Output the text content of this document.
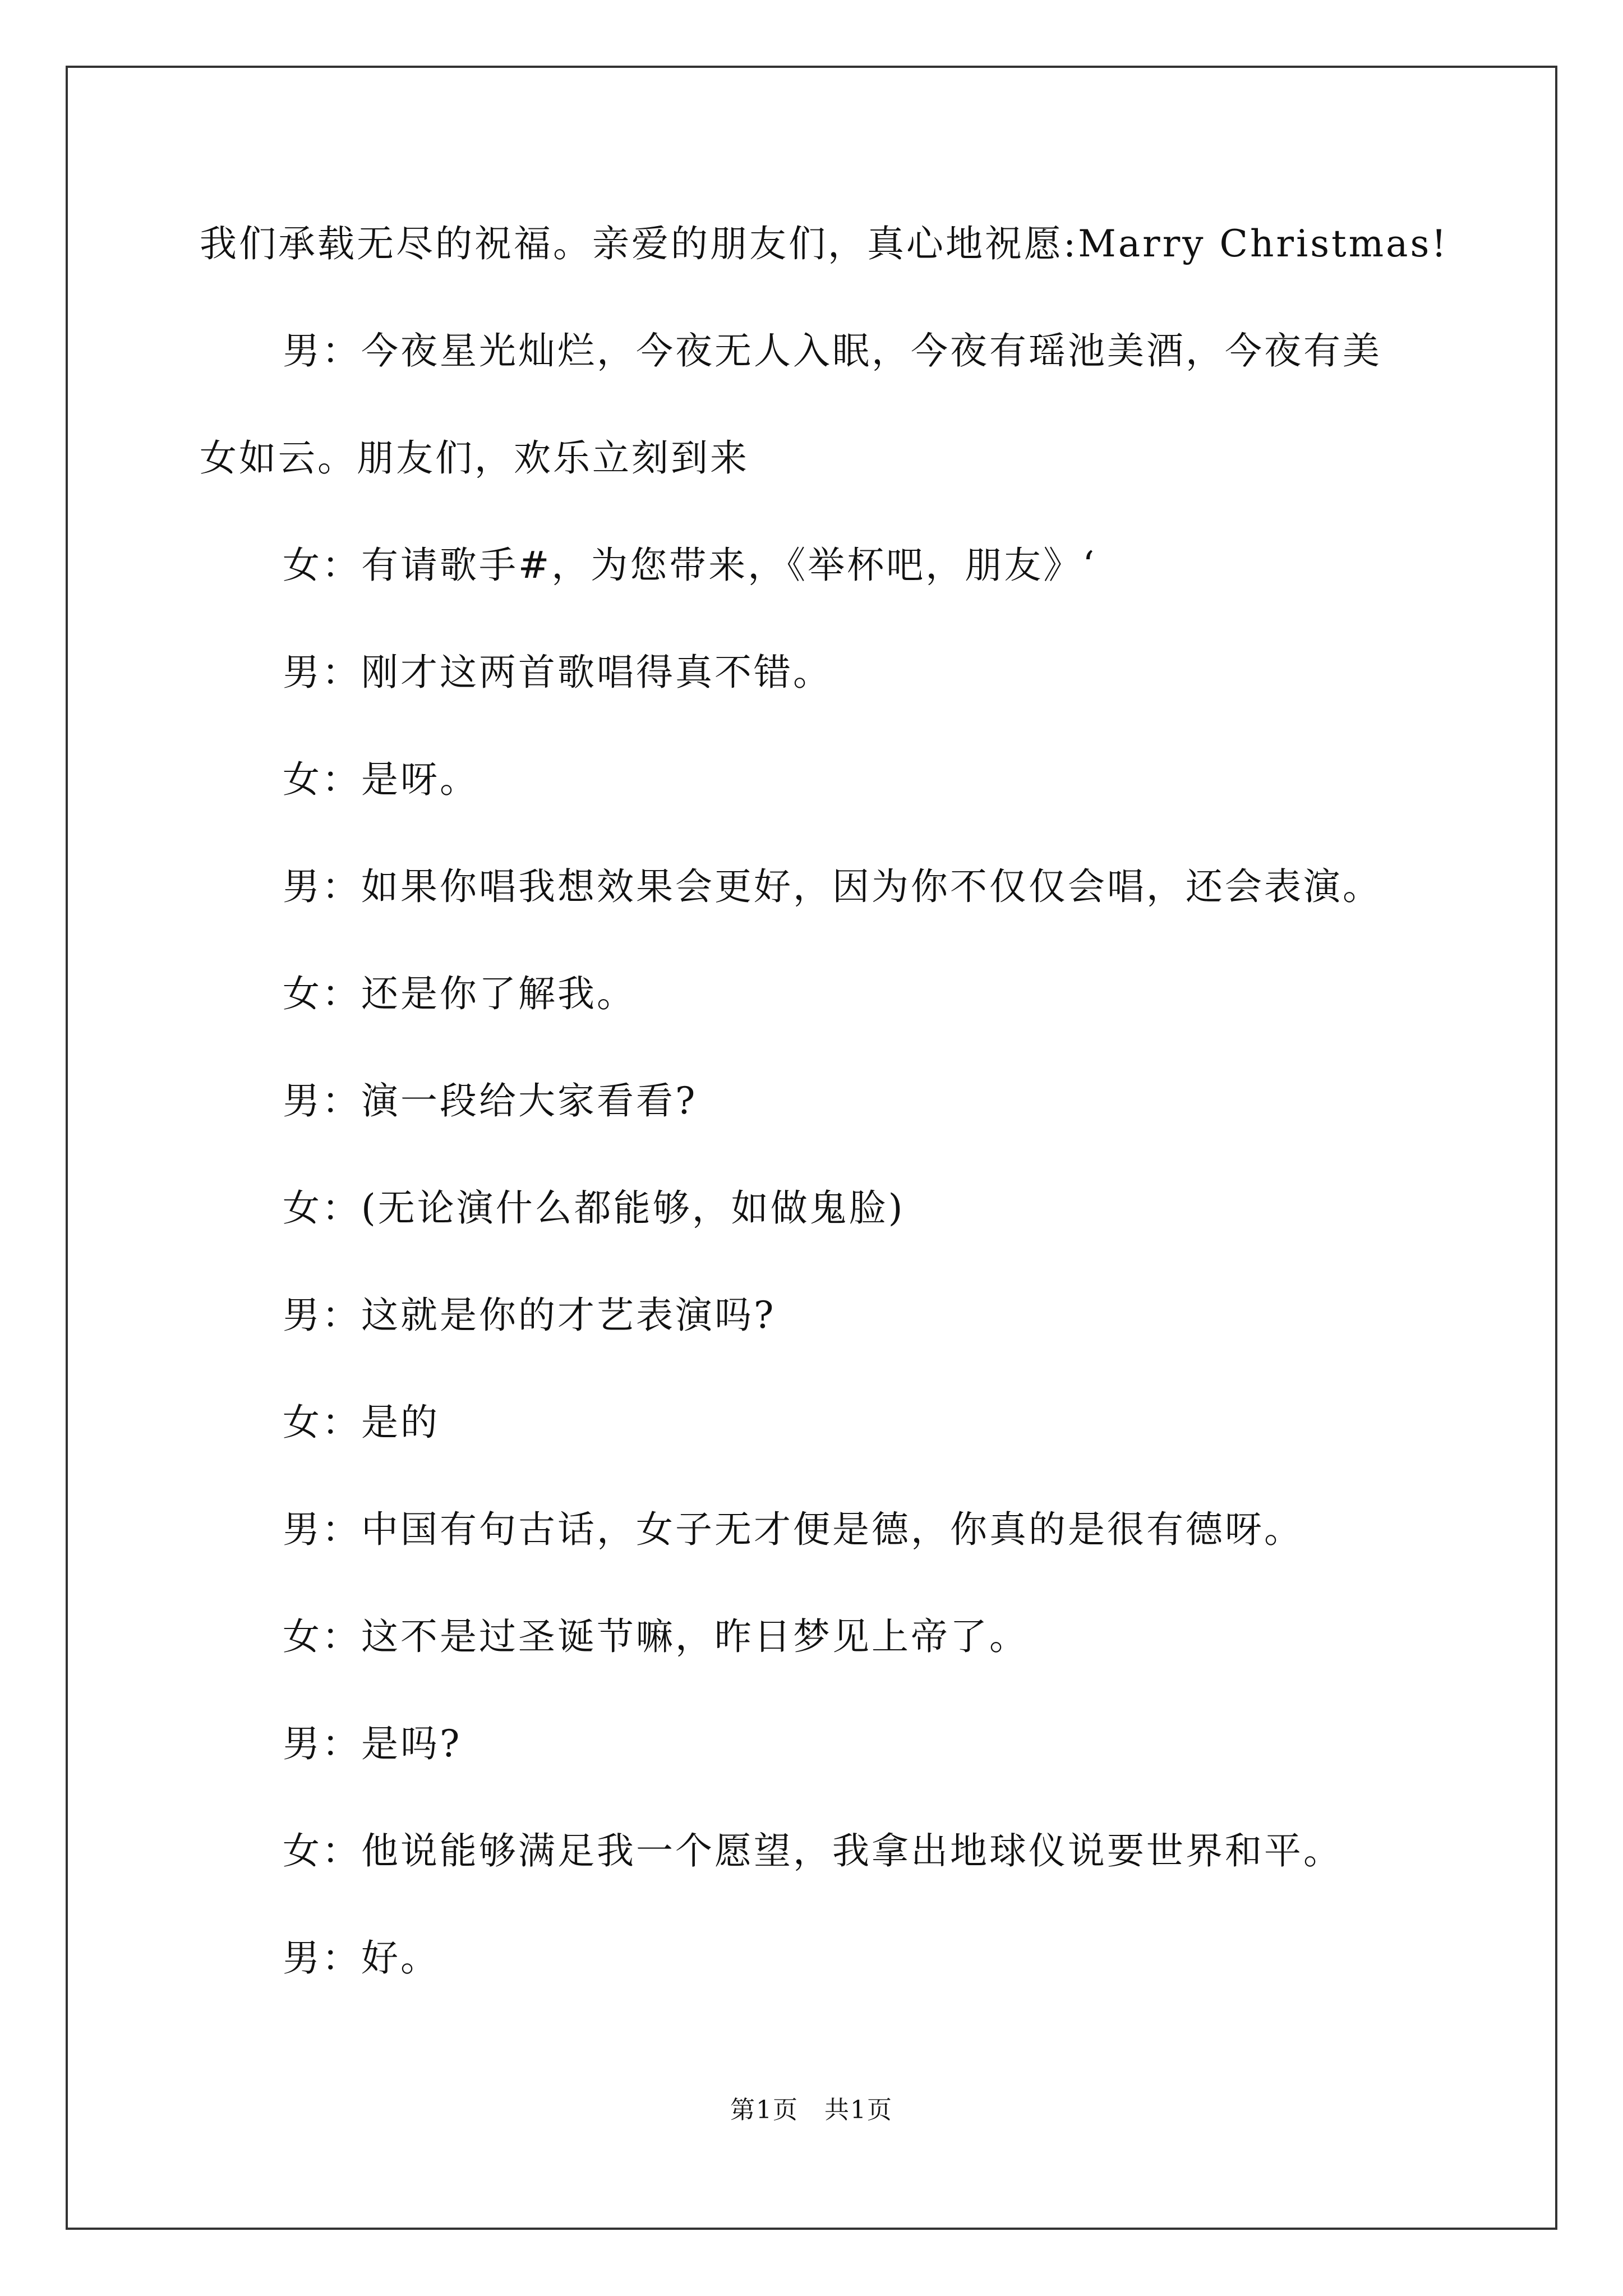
我们承载无尽的祝福。亲爱的朋友们，真心地祝愿:Marry Christmas!
男：今夜星光灿烂，今夜无人入眠，今夜有瑶池美酒，今夜有美
女如云。朋友们，欢乐立刻到来
女：有请歌手#，为您带来，《举杯吧，朋友》‘
男：刚才这两首歌唱得真不错。
女：是呀。
男：如果你唱我想效果会更好，因为你不仅仅会唱，还会表演。
女：还是你了解我。
男：演一段给大家看看?
女：(无论演什么都能够，如做鬼脸)
男：这就是你的才艺表演吗?
女：是的
男：中国有句古话，女子无才便是德，你真的是很有德呀。
女：这不是过圣诞节嘛，昨日梦见上帝了。
男：是吗?
女：他说能够满足我一个愿望，我拿出地球仪说要世界和平。
男：好。
第1页 共1页
